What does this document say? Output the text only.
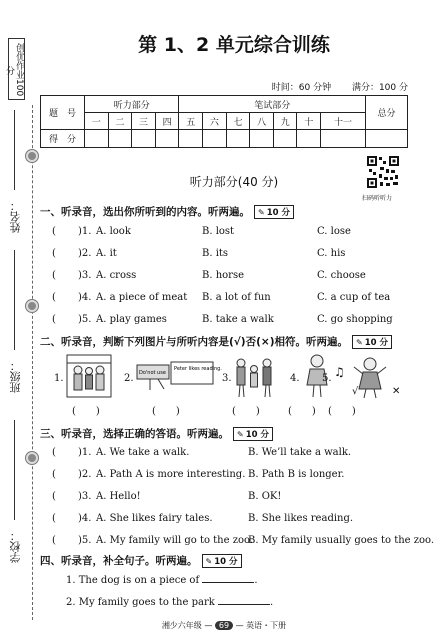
创优作业100分
姓名：
班级：
学校：
第 1、2 单元综合训练
时间：60 分钟 满分：100 分
题　号	听力部分				笔试部分							总分
	一	二	三	四	五	六	七	八	九	十	十一	
得　分												
听力部分(40 分)
扫码听听力
一、听录音，选出你所听到的内容。听两遍。 ✎ 10 分
( )1. A. look	B. lost	C. lose
( )2. A. it	B. its	C. his
( )3. A. cross	B. horse	C. choose
( )4. A. a piece of meat B. a lot of fun	C. a cup of tea
( )5. A. play games	B. take a walk	C. go shopping
二、听录音，判断下列图片与所听内容是(√)否(×)相符。听两遍。 ✎ 10 分
1.
(　　)
2. Do'not use
Peter likes reading.
(　　)
3.
(　　)
4.
(　　)
5. ♫
√	✕
(　　)
三、听录音，选择正确的答语。听两遍。 ✎ 10 分
( )1. A. We take a walk.	B. We’ll take a walk.
( )2. A. Path A is more interesting. B. Path B is longer.
( )3. A. Hello!	B. OK!
( )4. A. She likes fairy tales.	B. She likes reading.
( )5. A. My family will go to the zoo.
B. My family usually goes to the zoo.
四、听录音，补全句子。听两遍。 ✎ 10 分
1. The dog is on a piece of	.
2. My family goes to the park	.
湘少六年级 — 69 — 英语・下册
